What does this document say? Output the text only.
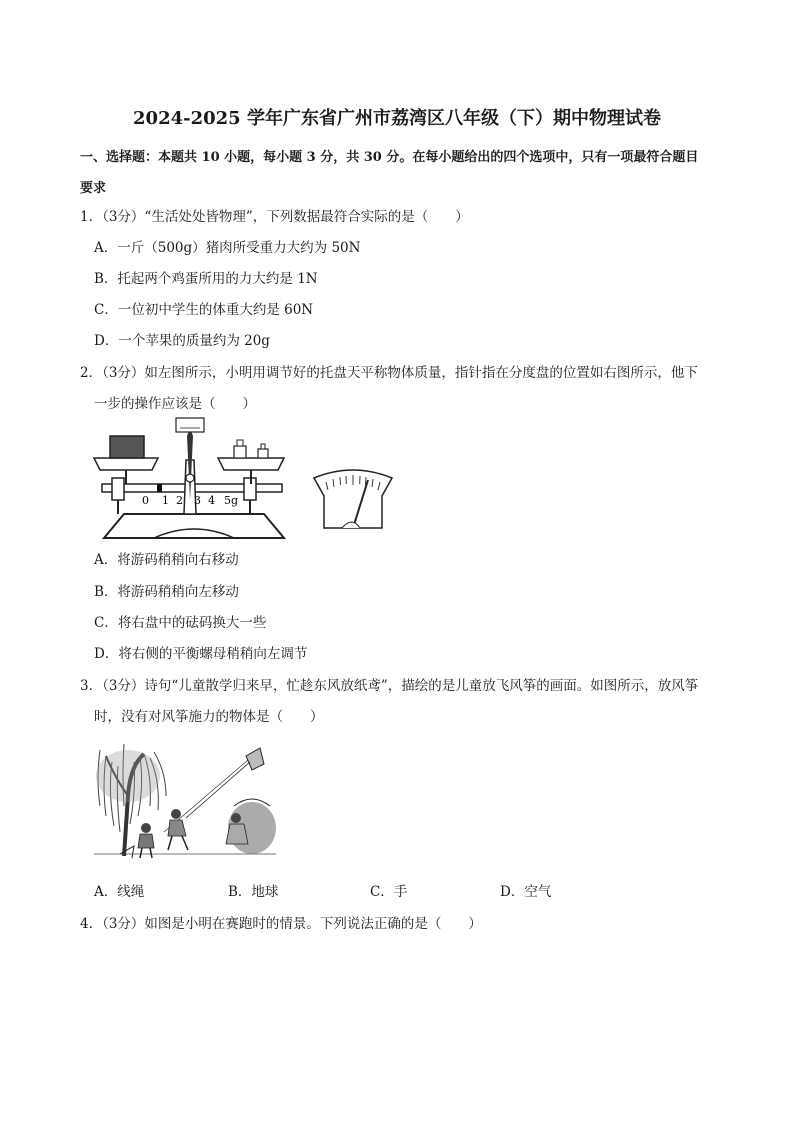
2024-2025 学年广东省广州市荔湾区八年级（下）期中物理试卷
一、选择题：本题共 10 小题，每小题 3 分，共 30 分。在每小题给出的四个选项中，只有一项最符合题目
要求
1．（3分）“生活处处皆物理”，下列数据最符合实际的是（　　）
A．一斤（500g）猪肉所受重力大约为 50N
B．托起两个鸡蛋所用的力大约是 1N
C．一位初中学生的体重大约是 60N
D．一个苹果的质量约为 20g
2．（3分）如左图所示，小明用调节好的托盘天平称物体质量，指针指在分度盘的位置如右图所示，他下
一步的操作应该是（　　）
0 1 2 3 4 5g
A．将游码稍稍向右移动
B．将游码稍稍向左移动
C．将右盘中的砝码换大一些
D．将右侧的平衡螺母稍稍向左调节
3．（3分）诗句“儿童散学归来早，忙趁东风放纸鸢”，描绘的是儿童放飞风筝的画面。如图所示，放风筝
时，没有对风筝施力的物体是（　　）
A．线绳	B．地球	C．手	D．空气
4．（3分）如图是小明在赛跑时的情景。下列说法正确的是（　　）
